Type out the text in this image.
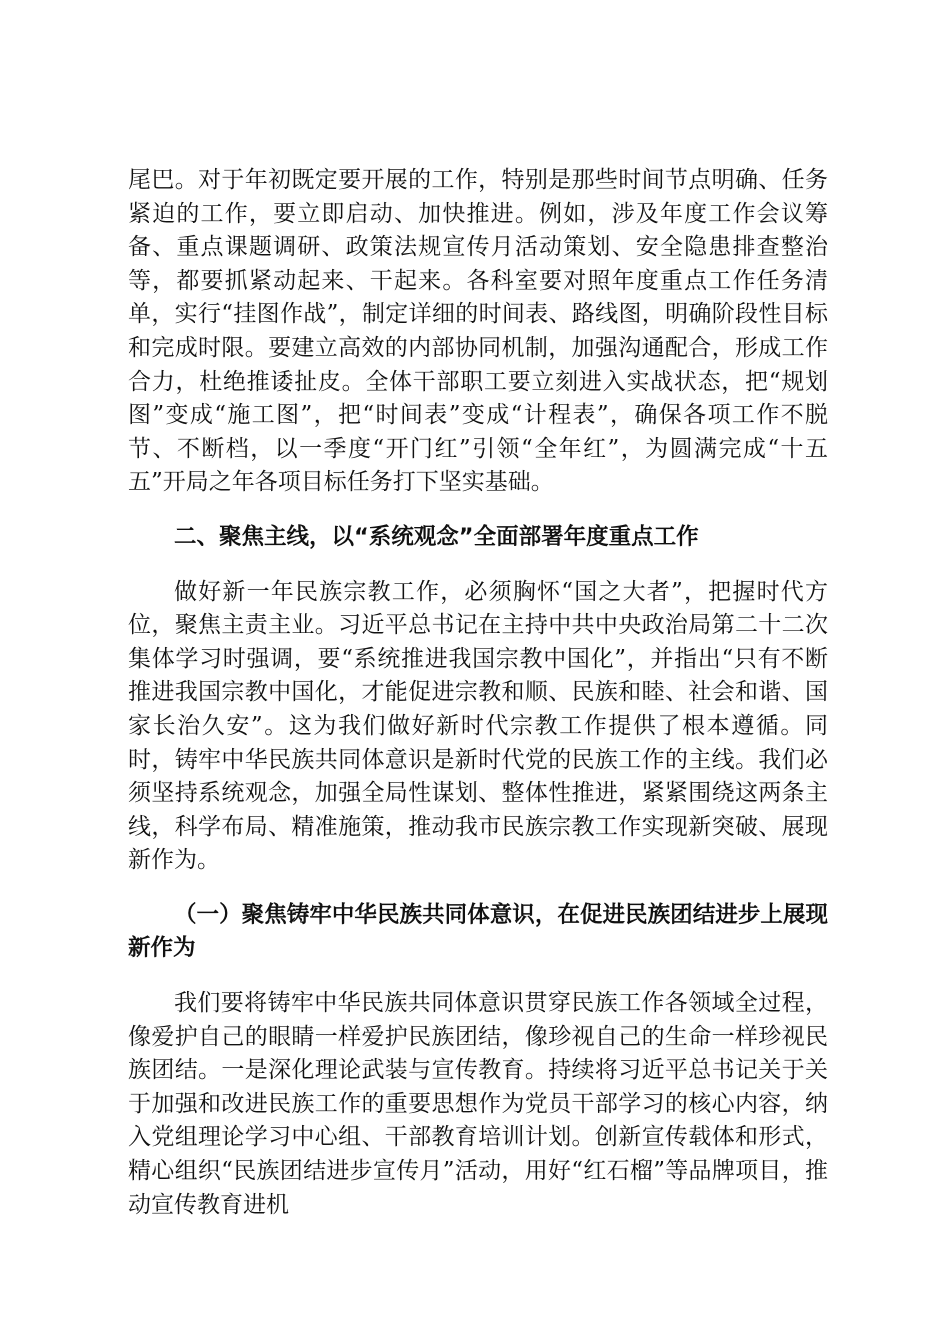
尾巴。对于年初既定要开展的工作，特别是那些时间节点明确、任务紧迫的工作，要立即启动、加快推进。例如，涉及年度工作会议筹备、重点课题调研、政策法规宣传月活动策划、安全隐患排查整治等，都要抓紧动起来、干起来。各科室要对照年度重点工作任务清单，实行“挂图作战”，制定详细的时间表、路线图，明确阶段性目标和完成时限。要建立高效的内部协同机制，加强沟通配合，形成工作合力，杜绝推诿扯皮。全体干部职工要立刻进入实战状态，把“规划图”变成“施工图”，把“时间表”变成“计程表”，确保各项工作不脱节、不断档，以一季度“开门红”引领“全年红”，为圆满完成“十五五”开局之年各项目标任务打下坚实基础。

二、聚焦主线，以“系统观念”全面部署年度重点工作

做好新一年民族宗教工作，必须胸怀“国之大者”，把握时代方位，聚焦主责主业。习近平总书记在主持中共中央政治局第二十二次集体学习时强调，要“系统推进我国宗教中国化”，并指出“只有不断推进我国宗教中国化，才能促进宗教和顺、民族和睦、社会和谐、国家长治久安”。这为我们做好新时代宗教工作提供了根本遵循。同时，铸牢中华民族共同体意识是新时代党的民族工作的主线。我们必须坚持系统观念，加强全局性谋划、整体性推进，紧紧围绕这两条主线，科学布局、精准施策，推动我市民族宗教工作实现新突破、展现新作为。

（一）聚焦铸牢中华民族共同体意识，在促进民族团结进步上展现新作为

我们要将铸牢中华民族共同体意识贯穿民族工作各领域全过程，像爱护自己的眼睛一样爱护民族团结，像珍视自己的生命一样珍视民族团结。一是深化理论武装与宣传教育。持续将习近平总书记关于关于加强和改进民族工作的重要思想作为党员干部学习的核心内容，纳入党组理论学习中心组、干部教育培训计划。创新宣传载体和形式，精心组织“民族团结进步宣传月”活动，用好“红石榴”等品牌项目，推动宣传教育进机
